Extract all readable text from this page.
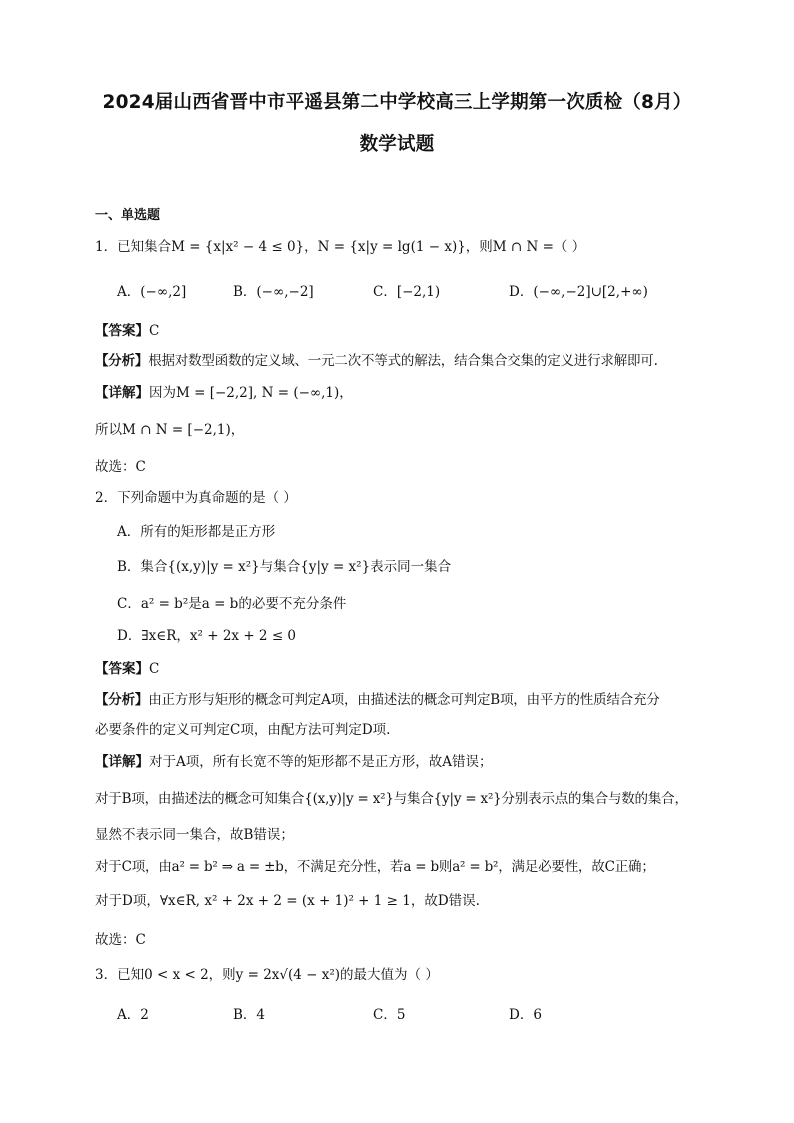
2024届山西省晋中市平遥县第二中学校高三上学期第一次质检（8月）
数学试题
一、单选题
1．已知集合M = {x|x² − 4 ≤ 0}，N = {x|y = lg(1 − x)}，则M ∩ N =（ ）
A．(−∞,2]	B．(−∞,−2]	C．[−2,1)	D．(−∞,−2]∪[2,+∞)
【答案】C
【分析】根据对数型函数的定义域、一元二次不等式的解法，结合集合交集的定义进行求解即可.
【详解】因为M = [−2,2], N = (−∞,1)，
所以M ∩ N = [−2,1)，
故选：C
2．下列命题中为真命题的是（ ）
A．所有的矩形都是正方形
B．集合{(x,y)|y = x²}与集合{y|y = x²}表示同一集合
C．a² = b²是a = b的必要不充分条件
D．∃x∈R，x² + 2x + 2 ≤ 0
【答案】C
【分析】由正方形与矩形的概念可判定A项，由描述法的概念可判定B项，由平方的性质结合充分
必要条件的定义可判定C项，由配方法可判定D项.
【详解】对于A项，所有长宽不等的矩形都不是正方形，故A错误；
对于B项，由描述法的概念可知集合{(x,y)|y = x²}与集合{y|y = x²}分别表示点的集合与数的集合，
显然不表示同一集合，故B错误；
对于C项，由a² = b² ⇒ a = ±b，不满足充分性，若a = b则a² = b²，满足必要性，故C正确；
对于D项，∀x∈R, x² + 2x + 2 = (x + 1)² + 1 ≥ 1，故D错误.
故选：C
3．已知0 < x < 2，则y = 2x√(4 − x²)的最大值为（ ）
A．2	B．4	C．5	D．6
